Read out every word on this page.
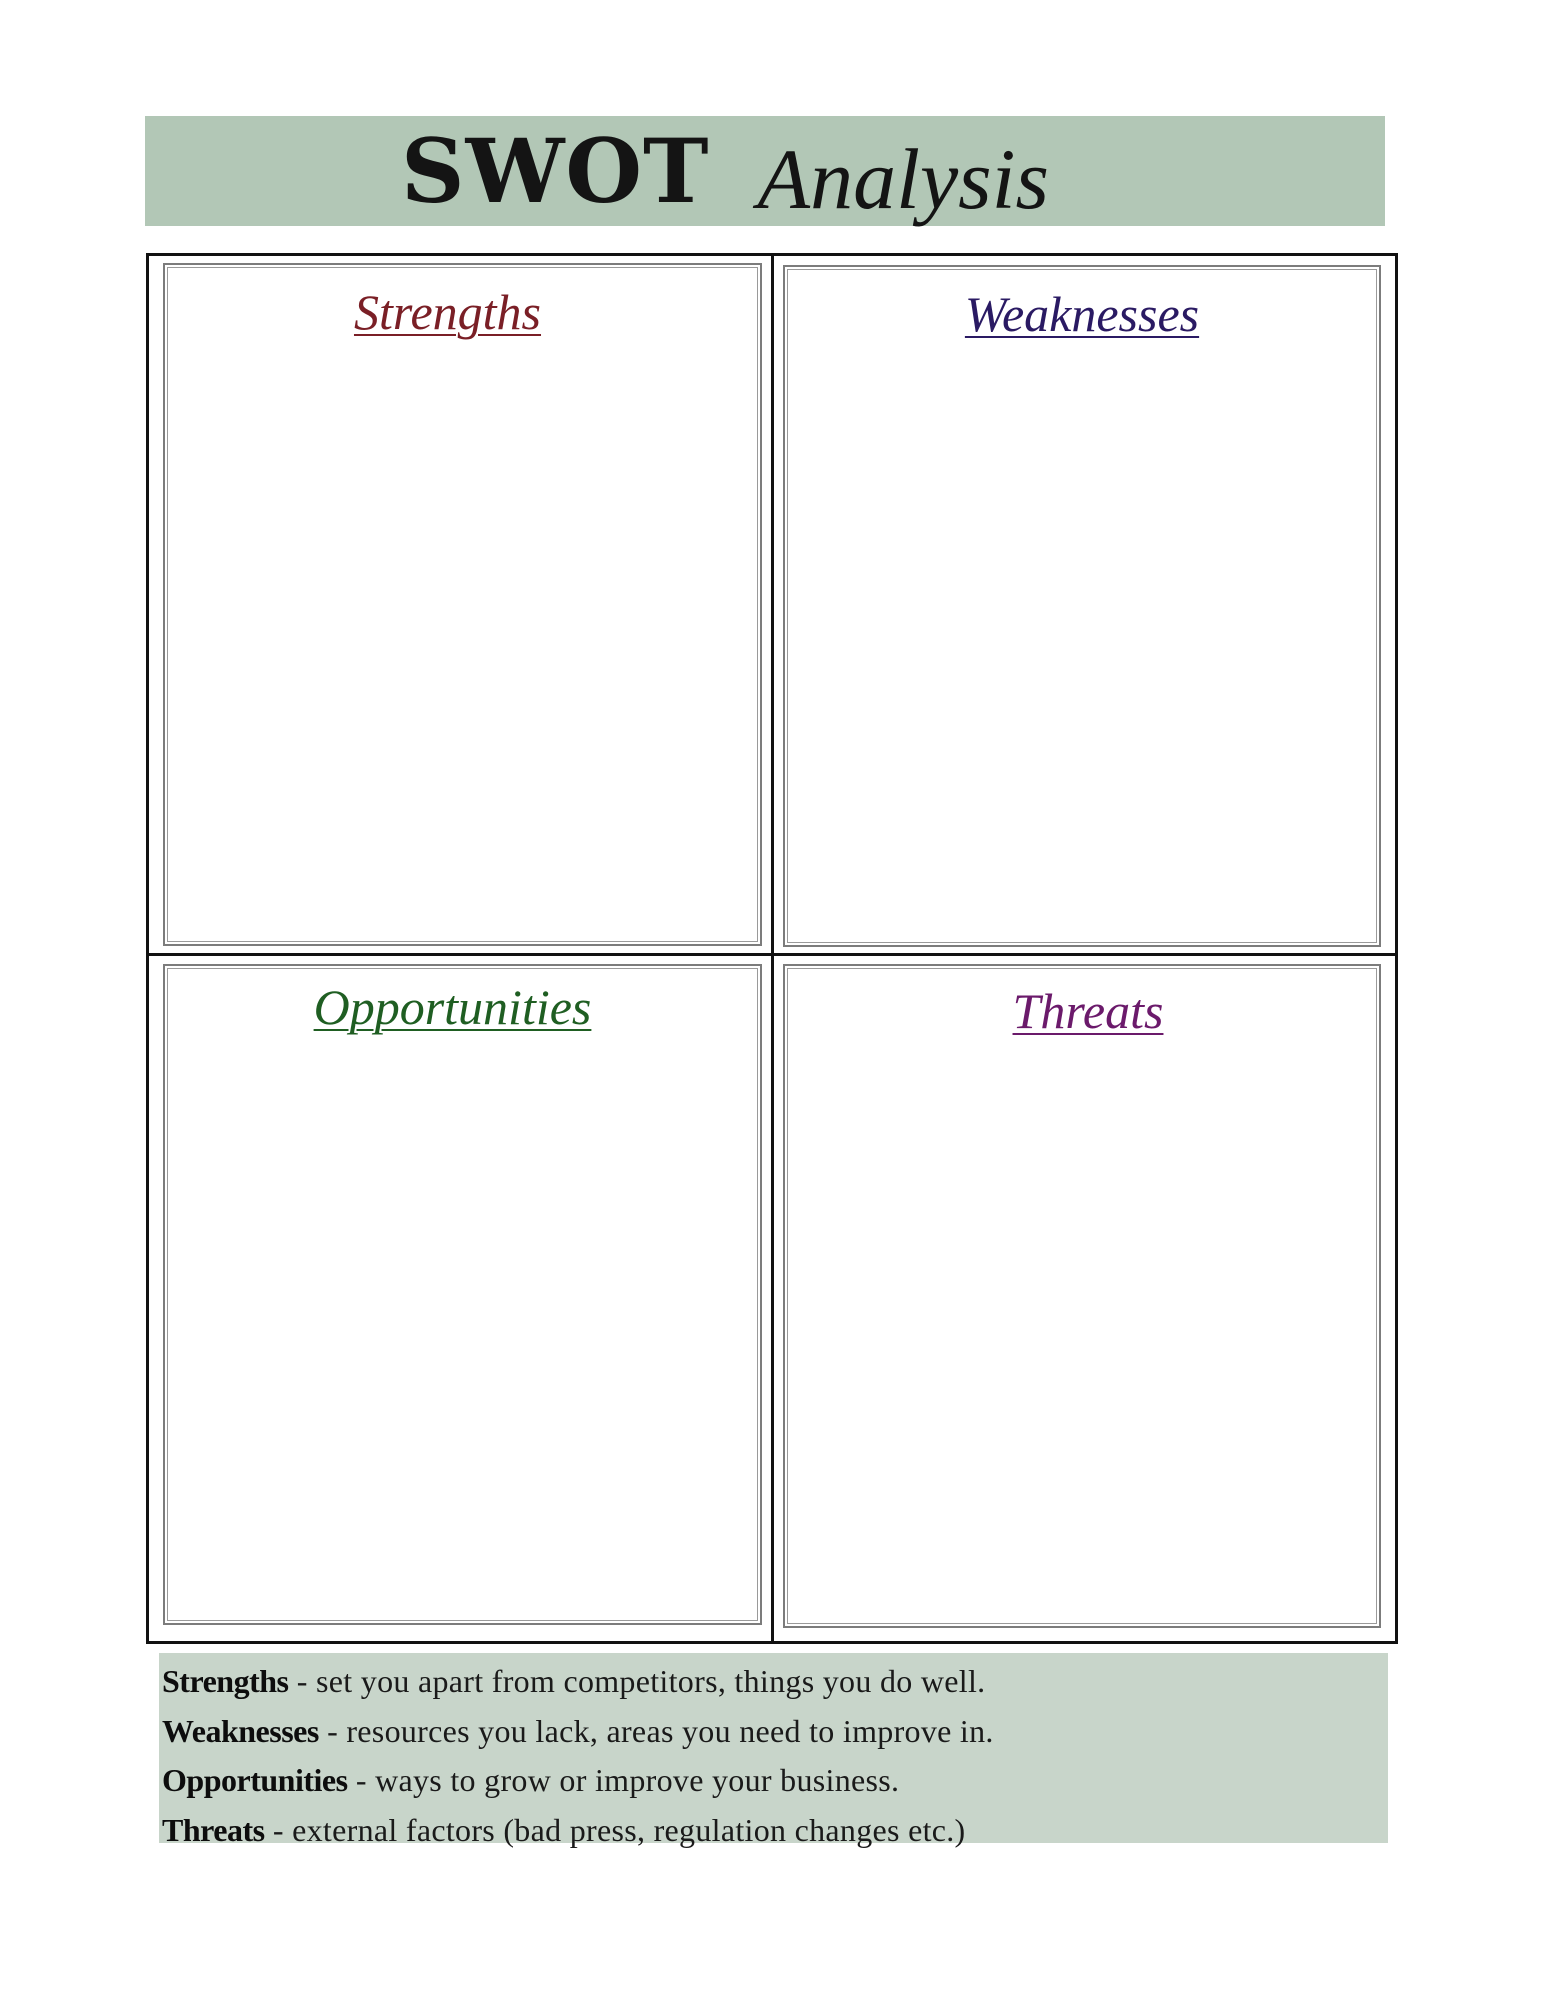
SWOT Analysis
Strengths	Weaknesses
Opportunities	Threats
Strengths - set you apart from competitors, things you do well.
Weaknesses - resources you lack, areas you need to improve in.
Opportunities - ways to grow or improve your business.
Threats - external factors (bad press, regulation changes etc.)
